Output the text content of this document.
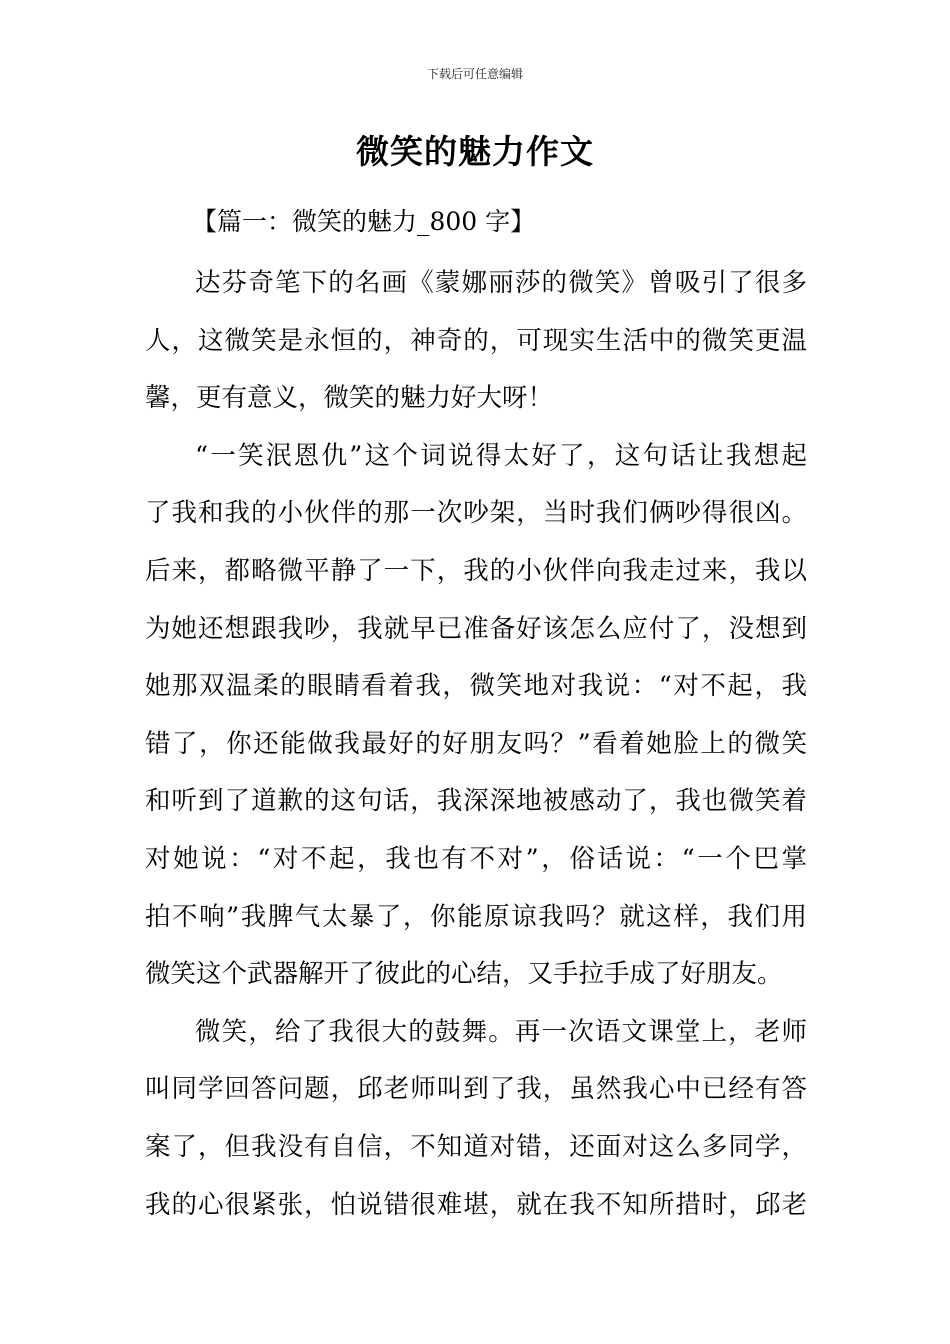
下载后可任意编辑
微笑的魅力作文
【篇一：微笑的魅力_800 字】
达芬奇笔下的名画《蒙娜丽莎的微笑》曾吸引了很多
人，这微笑是永恒的，神奇的，可现实生活中的微笑更温
馨，更有意义，微笑的魅力好大呀！
“一笑泯恩仇”这个词说得太好了，这句话让我想起
了我和我的小伙伴的那一次吵架，当时我们俩吵得很凶。
后来，都略微平静了一下，我的小伙伴向我走过来，我以
为她还想跟我吵，我就早已准备好该怎么应付了，没想到
她那双温柔的眼睛看着我，微笑地对我说：“对不起，我
错了，你还能做我最好的好朋友吗？”看着她脸上的微笑
和听到了道歉的这句话，我深深地被感动了，我也微笑着
对她说：“对不起，我也有不对”，俗话说：“一个巴掌
拍不响”我脾气太暴了，你能原谅我吗？就这样，我们用
微笑这个武器解开了彼此的心结，又手拉手成了好朋友。
微笑，给了我很大的鼓舞。再一次语文课堂上，老师
叫同学回答问题，邱老师叫到了我，虽然我心中已经有答
案了，但我没有自信，不知道对错，还面对这么多同学，
我的心很紧张，怕说错很难堪，就在我不知所措时，邱老
